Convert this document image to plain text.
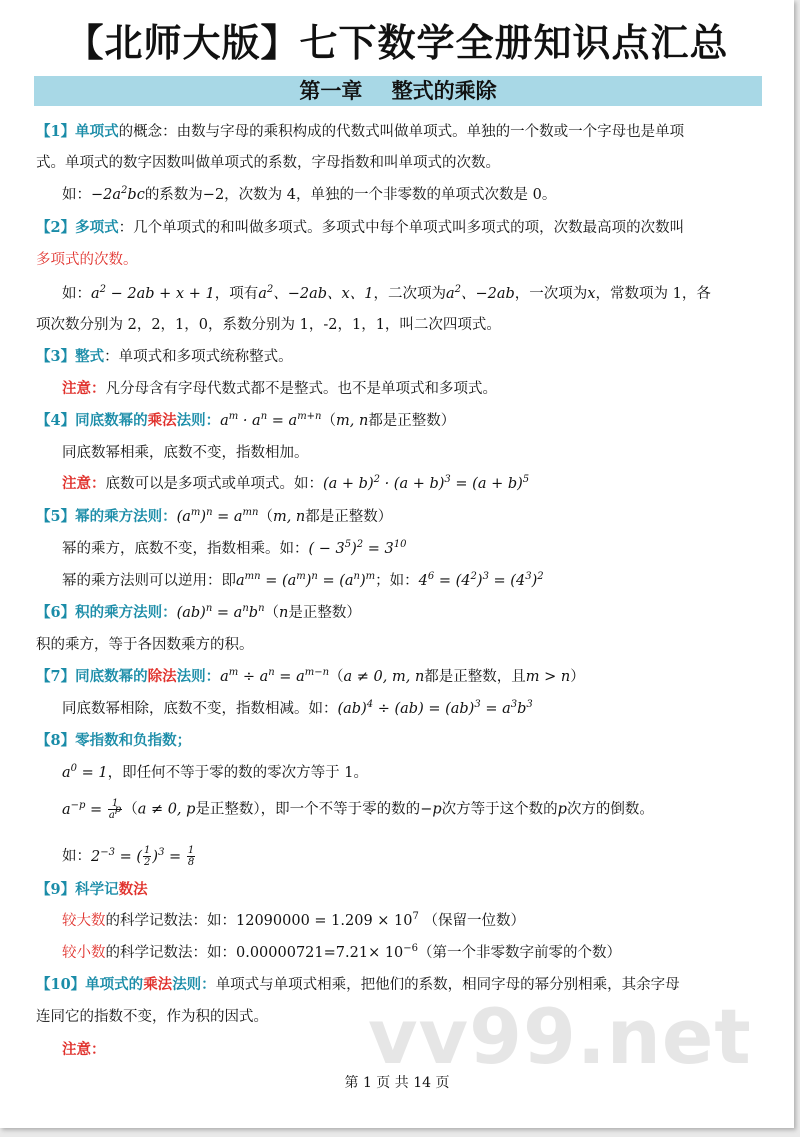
【北师大版】七下数学全册知识点汇总
第一章    整式的乘除
【1】单项式的概念：由数与字母的乘积构成的代数式叫做单项式。单独的一个数或一个字母也是单项
式。单项式的数字因数叫做单项式的系数，字母指数和叫单项式的次数。
如：$-2a^2bc$的系数为−2，次数为 4，单独的一个非零数的单项式次数是 0。
【2】多项式：几个单项式的和叫做多项式。多项式中每个单项式叫多项式的项，次数最高项的次数叫
多项式的次数。
如：$a^2 - 2ab + x + 1$，项有$a^2$、−2ab、x、1，二次项为$a^2$、−2ab，一次项为x，常数项为 1，各
项次数分别为 2，2，1，0，系数分别为 1，-2，1，1，叫二次四项式。
【3】整式：单项式和多项式统称整式。
注意：凡分母含有字母代数式都不是整式。也不是单项式和多项式。
【4】同底数幂的乘法法则：$a^m \cdot a^n = a^{m+n}(m$, n都是正整数）
同底数幂相乘，底数不变，指数相加。
注意：底数可以是多项式或单项式。如：$(a + b)^2 \cdot (a + b)^3 = (a + b)^5$
【5】幂的乘方法则：$(a^m)^n = a^{mn}(m$, n都是正整数）
幂的乘方，底数不变，指数相乘。如：( − $3^5)^2 = 3^{10}$
幂的乘方法则可以逆用：即$a^{mn} = (a^m)^n = (a^n)^m$；如：$4^6 = (4^2)^3 = (4^3)^2$
【6】积的乘方法则：$(ab)^n = a^nb^n(n$是正整数）
积的乘方，等于各因数乘方的积。
【7】同底数幂的除法法则：$a^m \div a^n = a^{m-n}(a \ne 0$, m, n都是正整数，且m > n）
同底数幂相除，底数不变，指数相减。如：$(ab)^4 \div (ab) = (ab)^3 = a^3b^3$
【8】零指数和负指数；
$a^0 = 1$，即任何不等于零的数的零次方等于 1。
$a^{-p} = \frac{1}{a^p} (a \ne 0$, p是正整数），即一个不等于零的数的−p次方等于这个数的p次方的倒数。
如：$2^{-3}$ = ( $\frac{1}{2} )^3 = \frac{1}{8}$
【9】科学记数法
较大数的科学记数法：如：$12090000 = 1.209 \times 10^7$ （保留一位数）
较小数的科学记数法：如：$0.00000721=7.21\times 10^{-6}$（第一个非零数字前零的个数）
【10】单项式的乘法法则：单项式与单项式相乘，把他们的系数，相同字母的幂分别相乘，其余字母
连同它的指数不变，作为积的因式。 vv99.net
注意：
第 1 页 共 14 页
